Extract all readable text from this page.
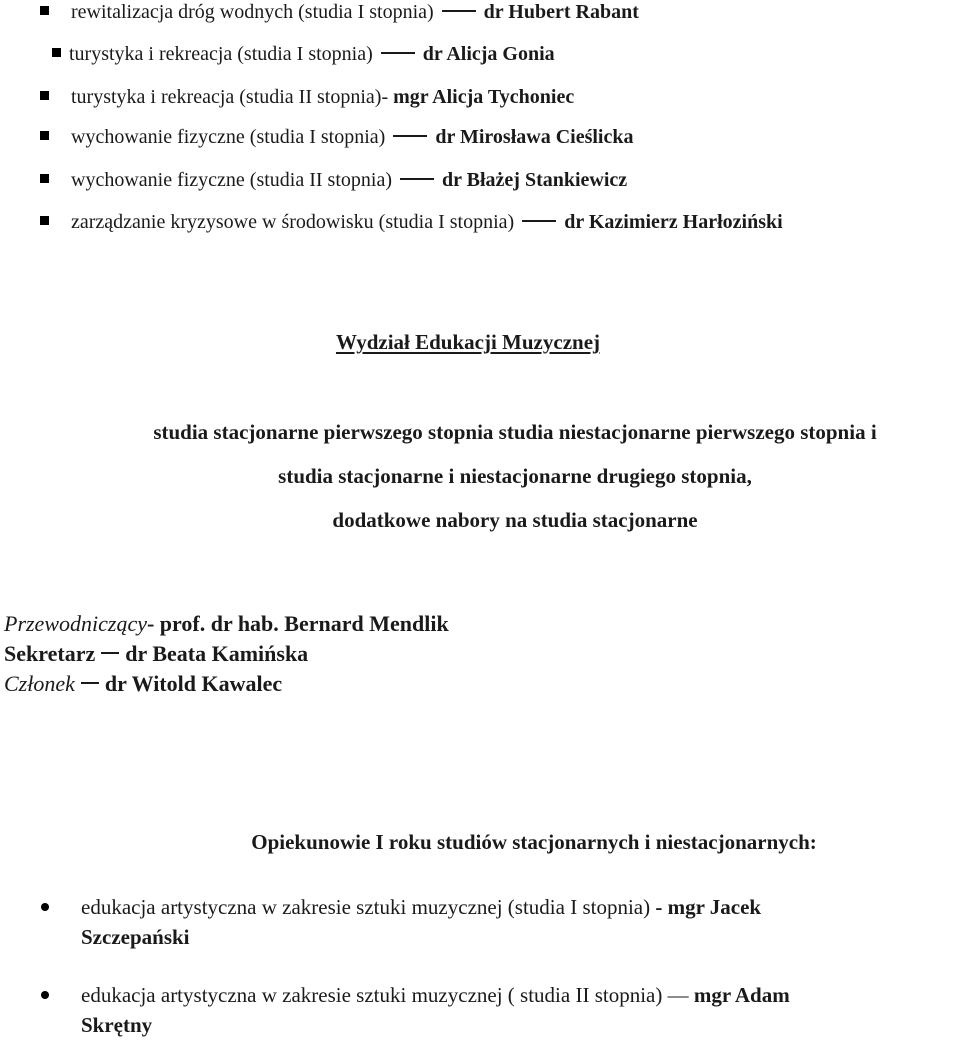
rewitalizacja dróg wodnych (studia I stopnia)	dr Hubert Rabant
turystyka i rekreacja (studia I stopnia)	dr Alicja Gonia
turystyka i rekreacja (studia II stopnia)- mgr Alicja Tychoniec
wychowanie fizyczne (studia I stopnia)	dr Mirosława Cieślicka
wychowanie fizyczne (studia II stopnia)	dr Błażej Stankiewicz
zarządzanie kryzysowe w środowisku (studia I stopnia)	dr Kazimierz Harłoziński
Wydział Edukacji Muzycznej
studia stacjonarne pierwszego stopnia studia niestacjonarne pierwszego stopnia i
studia stacjonarne i niestacjonarne drugiego stopnia,
dodatkowe nabory na studia stacjonarne
Przewodniczący- prof. dr hab. Bernard Mendlik
Sekretarz dr Beata Kamińska
Członek dr Witold Kawalec
Opiekunowie I roku studiów stacjonarnych i niestacjonarnych:
edukacja artystyczna w zakresie sztuki muzycznej (studia I stopnia) - mgr Jacek
Szczepański
edukacja artystyczna w zakresie sztuki muzycznej ( studia II stopnia) — mgr Adam
Skrętny
